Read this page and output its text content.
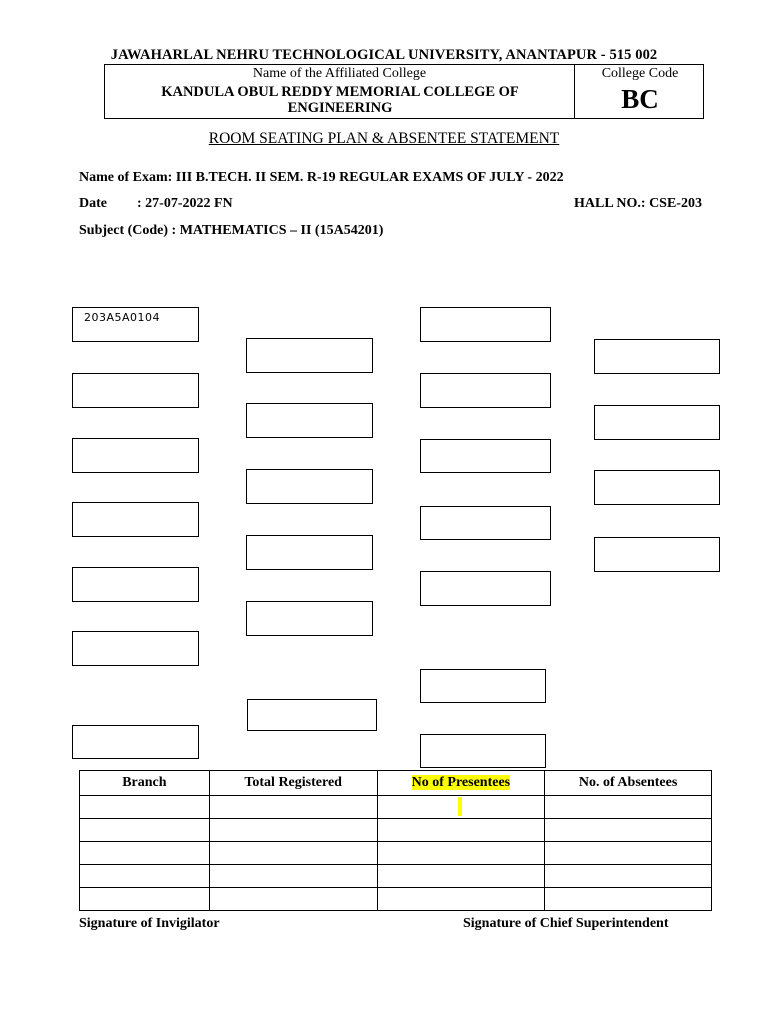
JAWAHARLAL NEHRU TECHNOLOGICAL UNIVERSITY, ANANTAPUR - 515 002
Name of the Affiliated College
KANDULA OBUL REDDY MEMORIAL COLLEGE OF
ENGINEERING
College Code
BC
ROOM SEATING PLAN & ABSENTEE STATEMENT
Name of Exam: III B.TECH. II SEM. R-19 REGULAR EXAMS OF JULY - 2022
Date : 27-07-2022 FN	HALL NO.: CSE-203
Subject (Code) : MATHEMATICS – II (15A54201)
203A5A0104
Branch	Total Registered	No of Presentees	No. of Absentees

Signature of Invigilator	Signature of Chief Superintendent
